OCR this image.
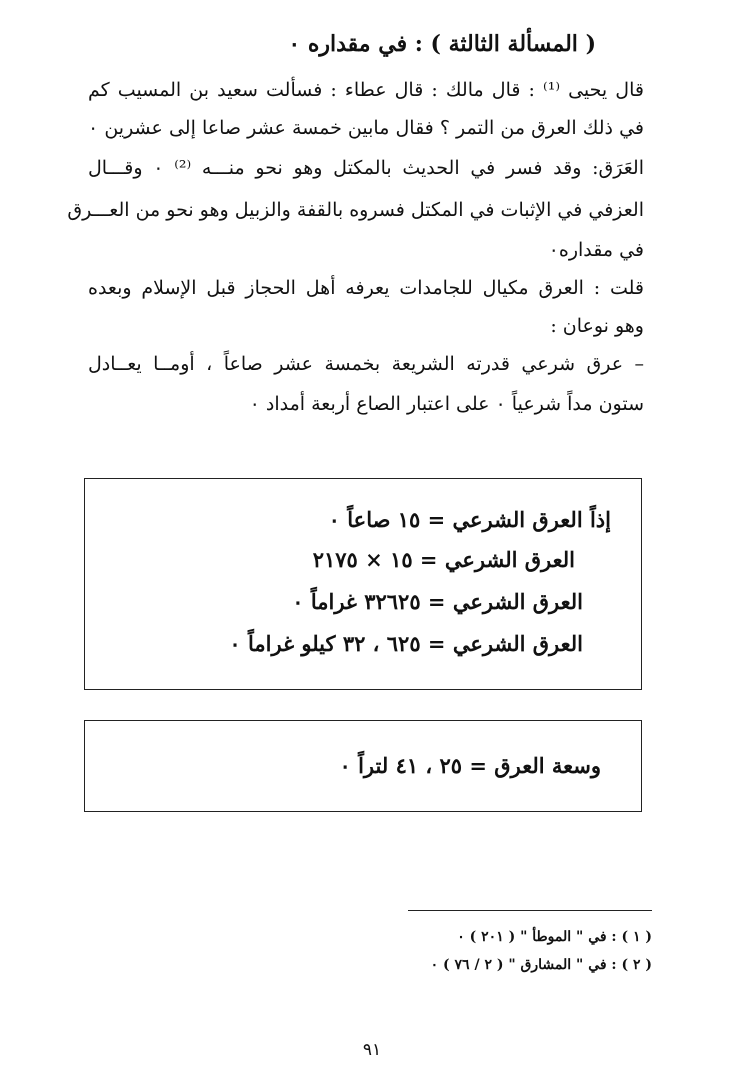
( المسألة الثالثة ) : في مقداره ٠
قال يحيى ⁽¹⁾ : قال مالك : قال عطاء : فسألت سعيد بن المسيب كم
في ذلك العرق من التمر ؟ فقال مابين خمسة عشر صاعا إلى عشرين ٠
العَرَق: وقد فسر في الحديث بالمكتل وهو نحو منـــه ⁽²⁾ ٠ وقـــال
العزفي في الإثبات في المكتل فسروه بالقفة والزبيل وهو نحو من العـــرق
في مقداره٠
قلت : العرق مكيال للجامدات يعرفه أهل الحجاز قبل الإسلام وبعده
وهو نوعان :
– عرق شرعي قدرته الشريعة بخمسة عشر صاعاً ، أومــا يعــادل
ستون مداً شرعياً ٠ على اعتبار الصاع أربعة أمداد ٠
إذاً العرق الشرعي = ١٥ صاعاً ٠
العرق الشرعي = ١٥ × ٢١٧٥
العرق الشرعي = ٣٢٦٢٥ غراماً ٠
العرق الشرعي = ٦٢٥ ، ٣٢ كيلو غراماً ٠
وسعة العرق = ٢٥ ، ٤١ لتراً ٠
( ١ ) : في " الموطأ " ( ٢٠١ ) ٠
( ٢ ) : في " المشارق " ( ٢ / ٧٦ ) ٠
٩١
